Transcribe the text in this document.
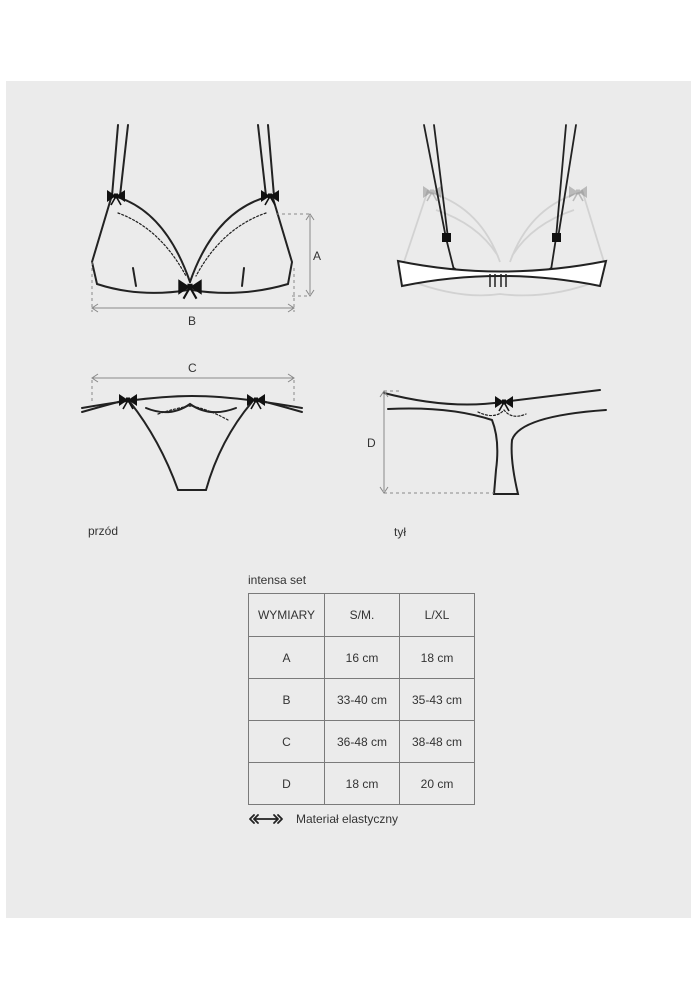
A
B
C
D
przód	tył
intensa set
WYMIARY	S/M.	L/XL
A	16 cm	18 cm
B	33-40 cm	35-43 cm
C	36-48 cm	38-48 cm
D	18 cm	20 cm
Materiał elastyczny
